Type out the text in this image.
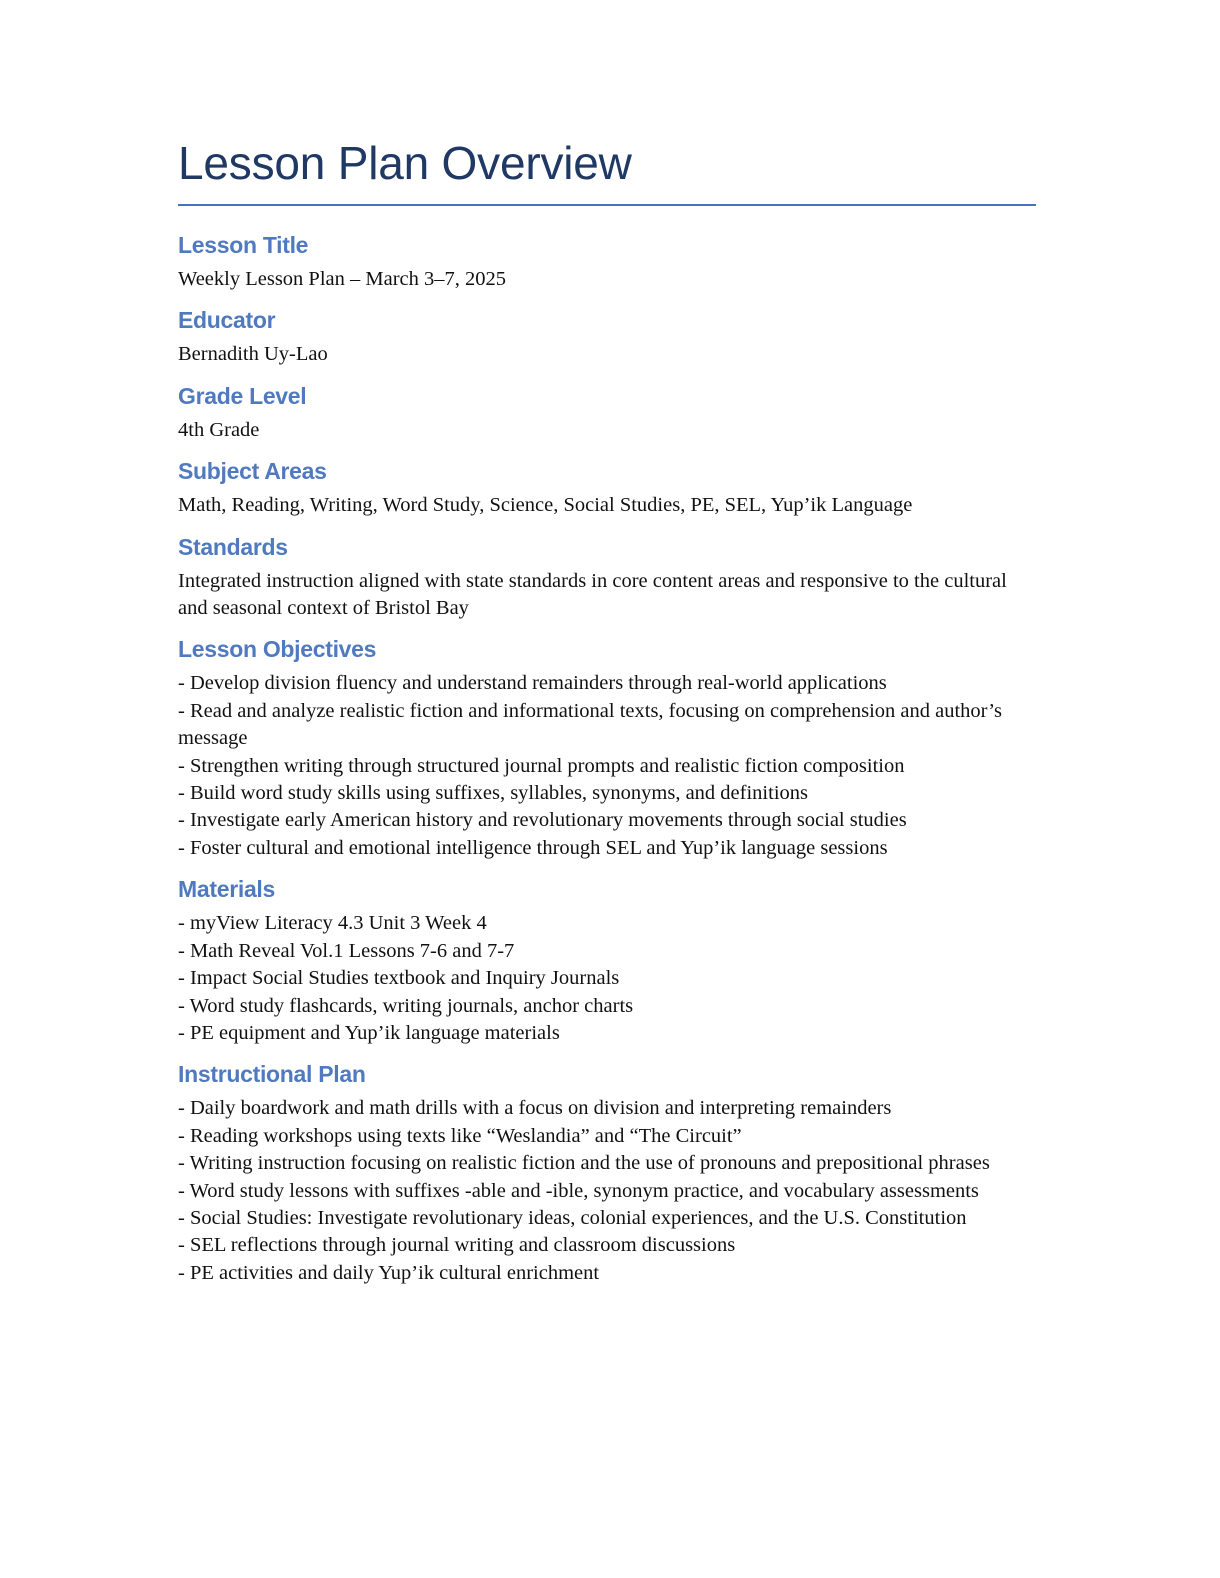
Lesson Plan Overview
Lesson Title

Weekly Lesson Plan – March 3–7, 2025

Educator

Bernadith Uy-Lao

Grade Level

4th Grade

Subject Areas

Math, Reading, Writing, Word Study, Science, Social Studies, PE, SEL, Yup’ik Language

Standards

Integrated instruction aligned with state standards in core content areas and responsive to the cultural and seasonal context of Bristol Bay

Lesson Objectives

- Develop division fluency and understand remainders through real-world applications
- Read and analyze realistic fiction and informational texts, focusing on comprehension and author’s message
- Strengthen writing through structured journal prompts and realistic fiction composition
- Build word study skills using suffixes, syllables, synonyms, and definitions
- Investigate early American history and revolutionary movements through social studies
- Foster cultural and emotional intelligence through SEL and Yup’ik language sessions

Materials

- myView Literacy 4.3 Unit 3 Week 4
- Math Reveal Vol.1 Lessons 7-6 and 7-7
- Impact Social Studies textbook and Inquiry Journals
- Word study flashcards, writing journals, anchor charts
- PE equipment and Yup’ik language materials

Instructional Plan

- Daily boardwork and math drills with a focus on division and interpreting remainders
- Reading workshops using texts like “Weslandia” and “The Circuit”
- Writing instruction focusing on realistic fiction and the use of pronouns and prepositional phrases
- Word study lessons with suffixes -able and -ible, synonym practice, and vocabulary assessments
- Social Studies: Investigate revolutionary ideas, colonial experiences, and the U.S. Constitution
- SEL reflections through journal writing and classroom discussions
- PE activities and daily Yup’ik cultural enrichment
